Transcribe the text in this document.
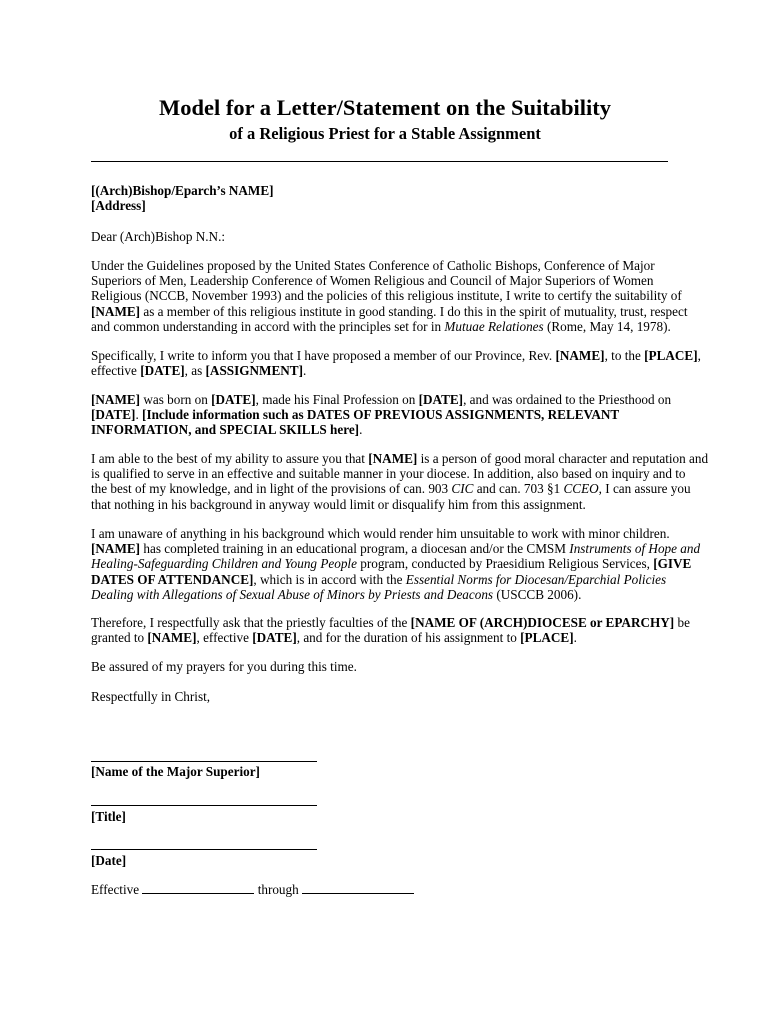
Model for a Letter/Statement on the Suitability
of a Religious Priest for a Stable Assignment
[(Arch)Bishop/Eparch’s NAME]
[Address]
Dear (Arch)Bishop N.N.:
Under the Guidelines proposed by the United States Conference of Catholic Bishops, Conference of Major
Superiors of Men, Leadership Conference of Women Religious and Council of Major Superiors of Women
Religious (NCCB, November 1993) and the policies of this religious institute, I write to certify the suitability of
[NAME] as a member of this religious institute in good standing. I do this in the spirit of mutuality, trust, respect
and common understanding in accord with the principles set for in Mutuae Relationes (Rome, May 14, 1978).
Specifically, I write to inform you that I have proposed a member of our Province, Rev. [NAME], to the [PLACE],
effective [DATE], as [ASSIGNMENT].
[NAME] was born on [DATE], made his Final Profession on [DATE], and was ordained to the Priesthood on
[DATE]. [Include information such as DATES OF PREVIOUS ASSIGNMENTS, RELEVANT
INFORMATION, and SPECIAL SKILLS here].
I am able to the best of my ability to assure you that [NAME] is a person of good moral character and reputation and
is qualified to serve in an effective and suitable manner in your diocese. In addition, also based on inquiry and to
the best of my knowledge, and in light of the provisions of can. 903 CIC and can. 703 §1 CCEO, I can assure you
that nothing in his background in anyway would limit or disqualify him from this assignment.
I am unaware of anything in his background which would render him unsuitable to work with minor children.
[NAME] has completed training in an educational program, a diocesan and/or the CMSM Instruments of Hope and
Healing-Safeguarding Children and Young People program, conducted by Praesidium Religious Services, [GIVE
DATES OF ATTENDANCE], which is in accord with the Essential Norms for Diocesan/Eparchial Policies
Dealing with Allegations of Sexual Abuse of Minors by Priests and Deacons (USCCB 2006).
Therefore, I respectfully ask that the priestly faculties of the [NAME OF (ARCH)DIOCESE or EPARCHY] be
granted to [NAME], effective [DATE], and for the duration of his assignment to [PLACE].
Be assured of my prayers for you during this time.
Respectfully in Christ,
[Name of the Major Superior]
[Title]
[Date]
Effective	through
